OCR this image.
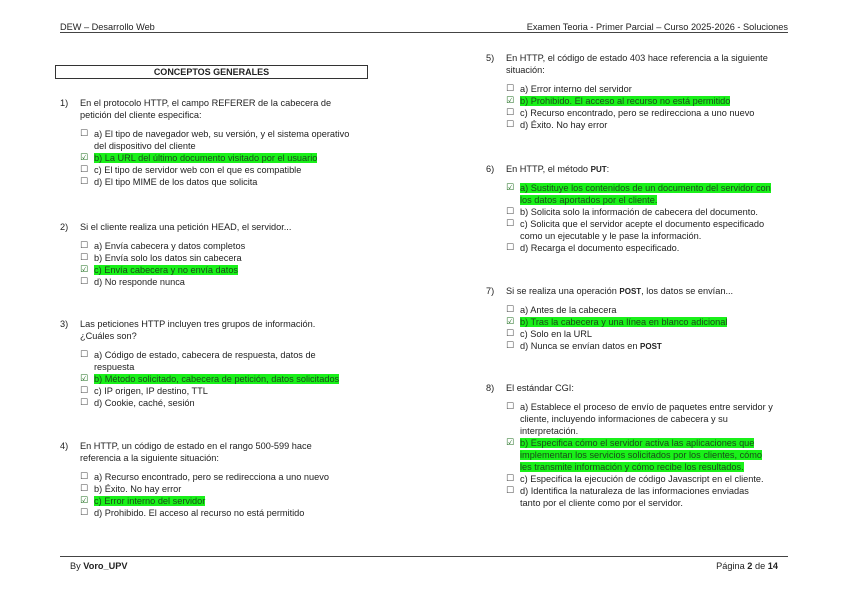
DEW – Desarrollo Web	Examen Teoria - Primer Parcial – Curso 2025-2026 - Soluciones
CONCEPTOS GENERALES
1) En el protocolo HTTP, el campo REFERER de la cabecera de
petición del cliente especifica:
☐ a) El tipo de navegador web, su versión, y el sistema operativo
del dispositivo del cliente
☑ b) La URL del último documento visitado por el usuario
☐ c) El tipo de servidor web con el que es compatible
☐ d) El tipo MIME de los datos que solicita
2) Si el cliente realiza una petición HEAD, el servidor...
☐ a) Envía cabecera y datos completos
☐ b) Envía solo los datos sin cabecera
☑ c) Envía cabecera y no envía datos
☐ d) No responde nunca
3) Las peticiones HTTP incluyen tres grupos de información.
¿Cuáles son?
☐ a) Código de estado, cabecera de respuesta, datos de
respuesta
☑ b) Método solicitado, cabecera de petición, datos solicitados
☐ c) IP origen, IP destino, TTL
☐ d) Cookie, caché, sesión
4) En HTTP, un código de estado en el rango 500-599 hace
referencia a la siguiente situación:
☐ a) Recurso encontrado, pero se redirecciona a uno nuevo
☐ b) Éxito. No hay error
☑ c) Error interno del servidor
☐ d) Prohibido. El acceso al recurso no está permitido
5) En HTTP, el código de estado 403 hace referencia a la siguiente
situación:
☐ a) Error interno del servidor
☑ b) Prohibido. El acceso al recurso no está permitido
☐ c) Recurso encontrado, pero se redirecciona a uno nuevo
☐ d) Éxito. No hay error
6) En HTTP, el método PUT:
☑ a) Sustituye los contenidos de un documento del servidor con
los datos aportados por el cliente.
☐ b) Solicita solo la información de cabecera del documento.
☐ c) Solicita que el servidor acepte el documento especificado
como un ejecutable y le pase la información.
☐ d) Recarga el documento especificado.
7) Si se realiza una operación POST, los datos se envían...
☐ a) Antes de la cabecera
☑ b) Tras la cabecera y una línea en blanco adicional
☐ c) Solo en la URL
☐ d) Nunca se envían datos en POST
8) El estándar CGI:
☐ a) Establece el proceso de envío de paquetes entre servidor y
cliente, incluyendo informaciones de cabecera y su
interpretación.
☑ b) Especifica cómo el servidor activa las aplicaciones que
implementan los servicios solicitados por los clientes, cómo
les transmite información y cómo recibe los resultados.
☐ c) Especifica la ejecución de código Javascript en el cliente.
☐ d) Identifica la naturaleza de las informaciones enviadas
tanto por el cliente como por el servidor.
By Voro_UPV	Página 2 de 14
